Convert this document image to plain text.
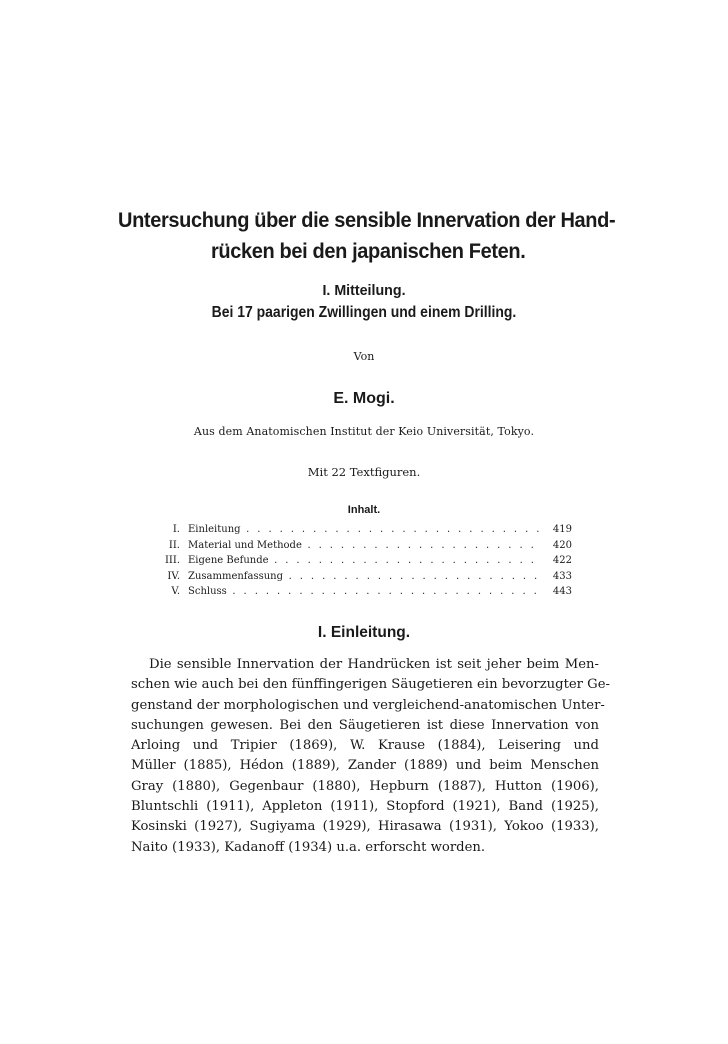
Untersuchung über die sensible Innervation der Hand-
rücken bei den japanischen Feten.
I. Mitteilung.
Bei 17 paarigen Zwillingen und einem Drilling.
Von
E. Mogi.
Aus dem Anatomischen Institut der Keio Universität, Tokyo.
Mit 22 Textfiguren.
Inhalt.
I. Einleitung . . .	419
II. Material und Methode . . .	420
III. Eigene Befunde . . .	422
IV. Zusammenfassung . . .	433
V. Schluss . . .	443
I. Einleitung.
Die sensible Innervation der Handrücken ist seit jeher beim Men-
schen wie auch bei den fünffingerigen Säugetieren ein bevorzugter Ge-
genstand der morphologischen und vergleichend-anatomischen Unter-
suchungen gewesen. Bei den Säugetieren ist diese Innervation von
Arloing und Tripier (1869), W. Krause (1884), Leisering und
Müller (1885), Hédon (1889), Zander (1889) und beim Menschen
Gray (1880), Gegenbaur (1880), Hepburn (1887), Hutton (1906),
Bluntschli (1911), Appleton (1911), Stopford (1921), Band (1925),
Kosinski (1927), Sugiyama (1929), Hirasawa (1931), Yokoo (1933),
Naito (1933), Kadanoff (1934) u.a. erforscht worden.
